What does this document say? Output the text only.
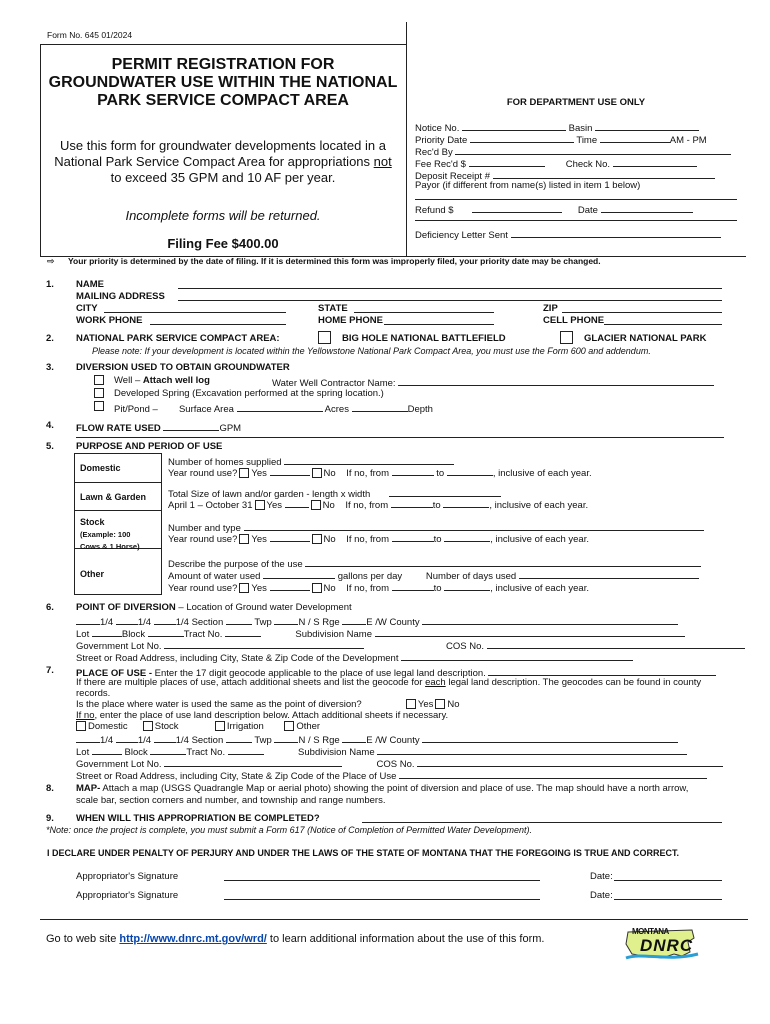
Form No. 645 01/2024
PERMIT REGISTRATION FOR GROUNDWATER USE WITHIN THE NATIONAL PARK SERVICE COMPACT AREA
Use this form for groundwater developments located in a National Park Service Compact Area for appropriations not to exceed 35 GPM and 10 AF per year.
Incomplete forms will be returned.
Filing Fee $400.00
FOR DEPARTMENT USE ONLY
Notice No.	Basin
Priority Date	Time	AM - PM
Rec'd By
Fee Rec'd $	Check No.
Deposit Receipt #
Payor (if different from name(s) listed in item 1 below)
Refund $	Date
Deficiency Letter Sent
⇨ Your priority is determined by the date of filing. If it is determined this form was improperly filed, your priority date may be changed.
1. NAME
MAILING ADDRESS
CITY	STATE	ZIP
WORK PHONE	HOME PHONE	CELL PHONE
2. NATIONAL PARK SERVICE COMPACT AREA:	BIG HOLE NATIONAL BATTLEFIELD	GLACIER NATIONAL PARK
Please note: If your development is located within the Yellowstone National Park Compact Area, you must use the Form 600 and addendum.
3. DIVERSION USED TO OBTAIN GROUNDWATER
Well – Attach well log	Water Well Contractor Name:
Developed Spring (Excavation performed at the spring location.)
Pit/Pond – Surface Area	Acres	Depth
4. FLOW RATE USED	GPM
5. PURPOSE AND PERIOD OF USE
Domestic	Number of homes supplied
Year round use? Yes	No If no, from	to	, inclusive of each year.
Lawn & Garden Total Size of lawn and/or garden - length x width
April 1 – October 31 Yes	No If no, from	to	, inclusive of each year.
Stock
(Example: 100
Cows & 1 Horse)
Number and type
Year round use? Yes	No If no, from	to	, inclusive of each year.
Other
Describe the purpose of the use
Amount of water used	gallons per day	Number of days used
Year round use? Yes	No If no, from	to	, inclusive of each year.
6. POINT OF DIVERSION – Location of Ground water Development
1/4	1/4	1/4 Section	Twp	N / S Rge	E /W County
Lot	Block	Tract No.	Subdivision Name
Government Lot No.	COS No.
Street or Road Address, including City, State & Zip Code of the Development
7. PLACE OF USE - Enter the 17 digit geocode applicable to the place of use legal land description.
If there are multiple places of use, attach additional sheets and list the geocode for each legal land description. The geocodes can be found in county
records.
Is the place where water is used the same as the point of diversion?	Yes No
If no, enter the place of use land description below. Attach additional sheets if necessary.
Domestic	Stock	Irrigation	Other
1/4	1/4	1/4 Section	Twp	N / S Rge	E /W County
Lot	Block	Tract No.	Subdivision Name
Government Lot No.	COS No.
Street or Road Address, including City, State & Zip Code of the Place of Use
8. MAP- Attach a map (USGS Quadrangle Map or aerial photo) showing the point of diversion and place of use. The map should have a north arrow,
scale bar, section corners and number, and township and range numbers.
9. WHEN WILL THIS APPROPRIATION BE COMPLETED?
*Note: once the project is complete, you must submit a Form 617 (Notice of Completion of Permitted Water Development).
I DECLARE UNDER PENALTY OF PERJURY AND UNDER THE LAWS OF THE STATE OF MONTANA THAT THE FOREGOING IS TRUE AND CORRECT.
Appropriator's Signature	Date:
Appropriator's Signature	Date:
Go to web site http://www.dnrc.mt.gov/wrd/ to learn additional information about the use of this form.
MONTANA
DNRC
